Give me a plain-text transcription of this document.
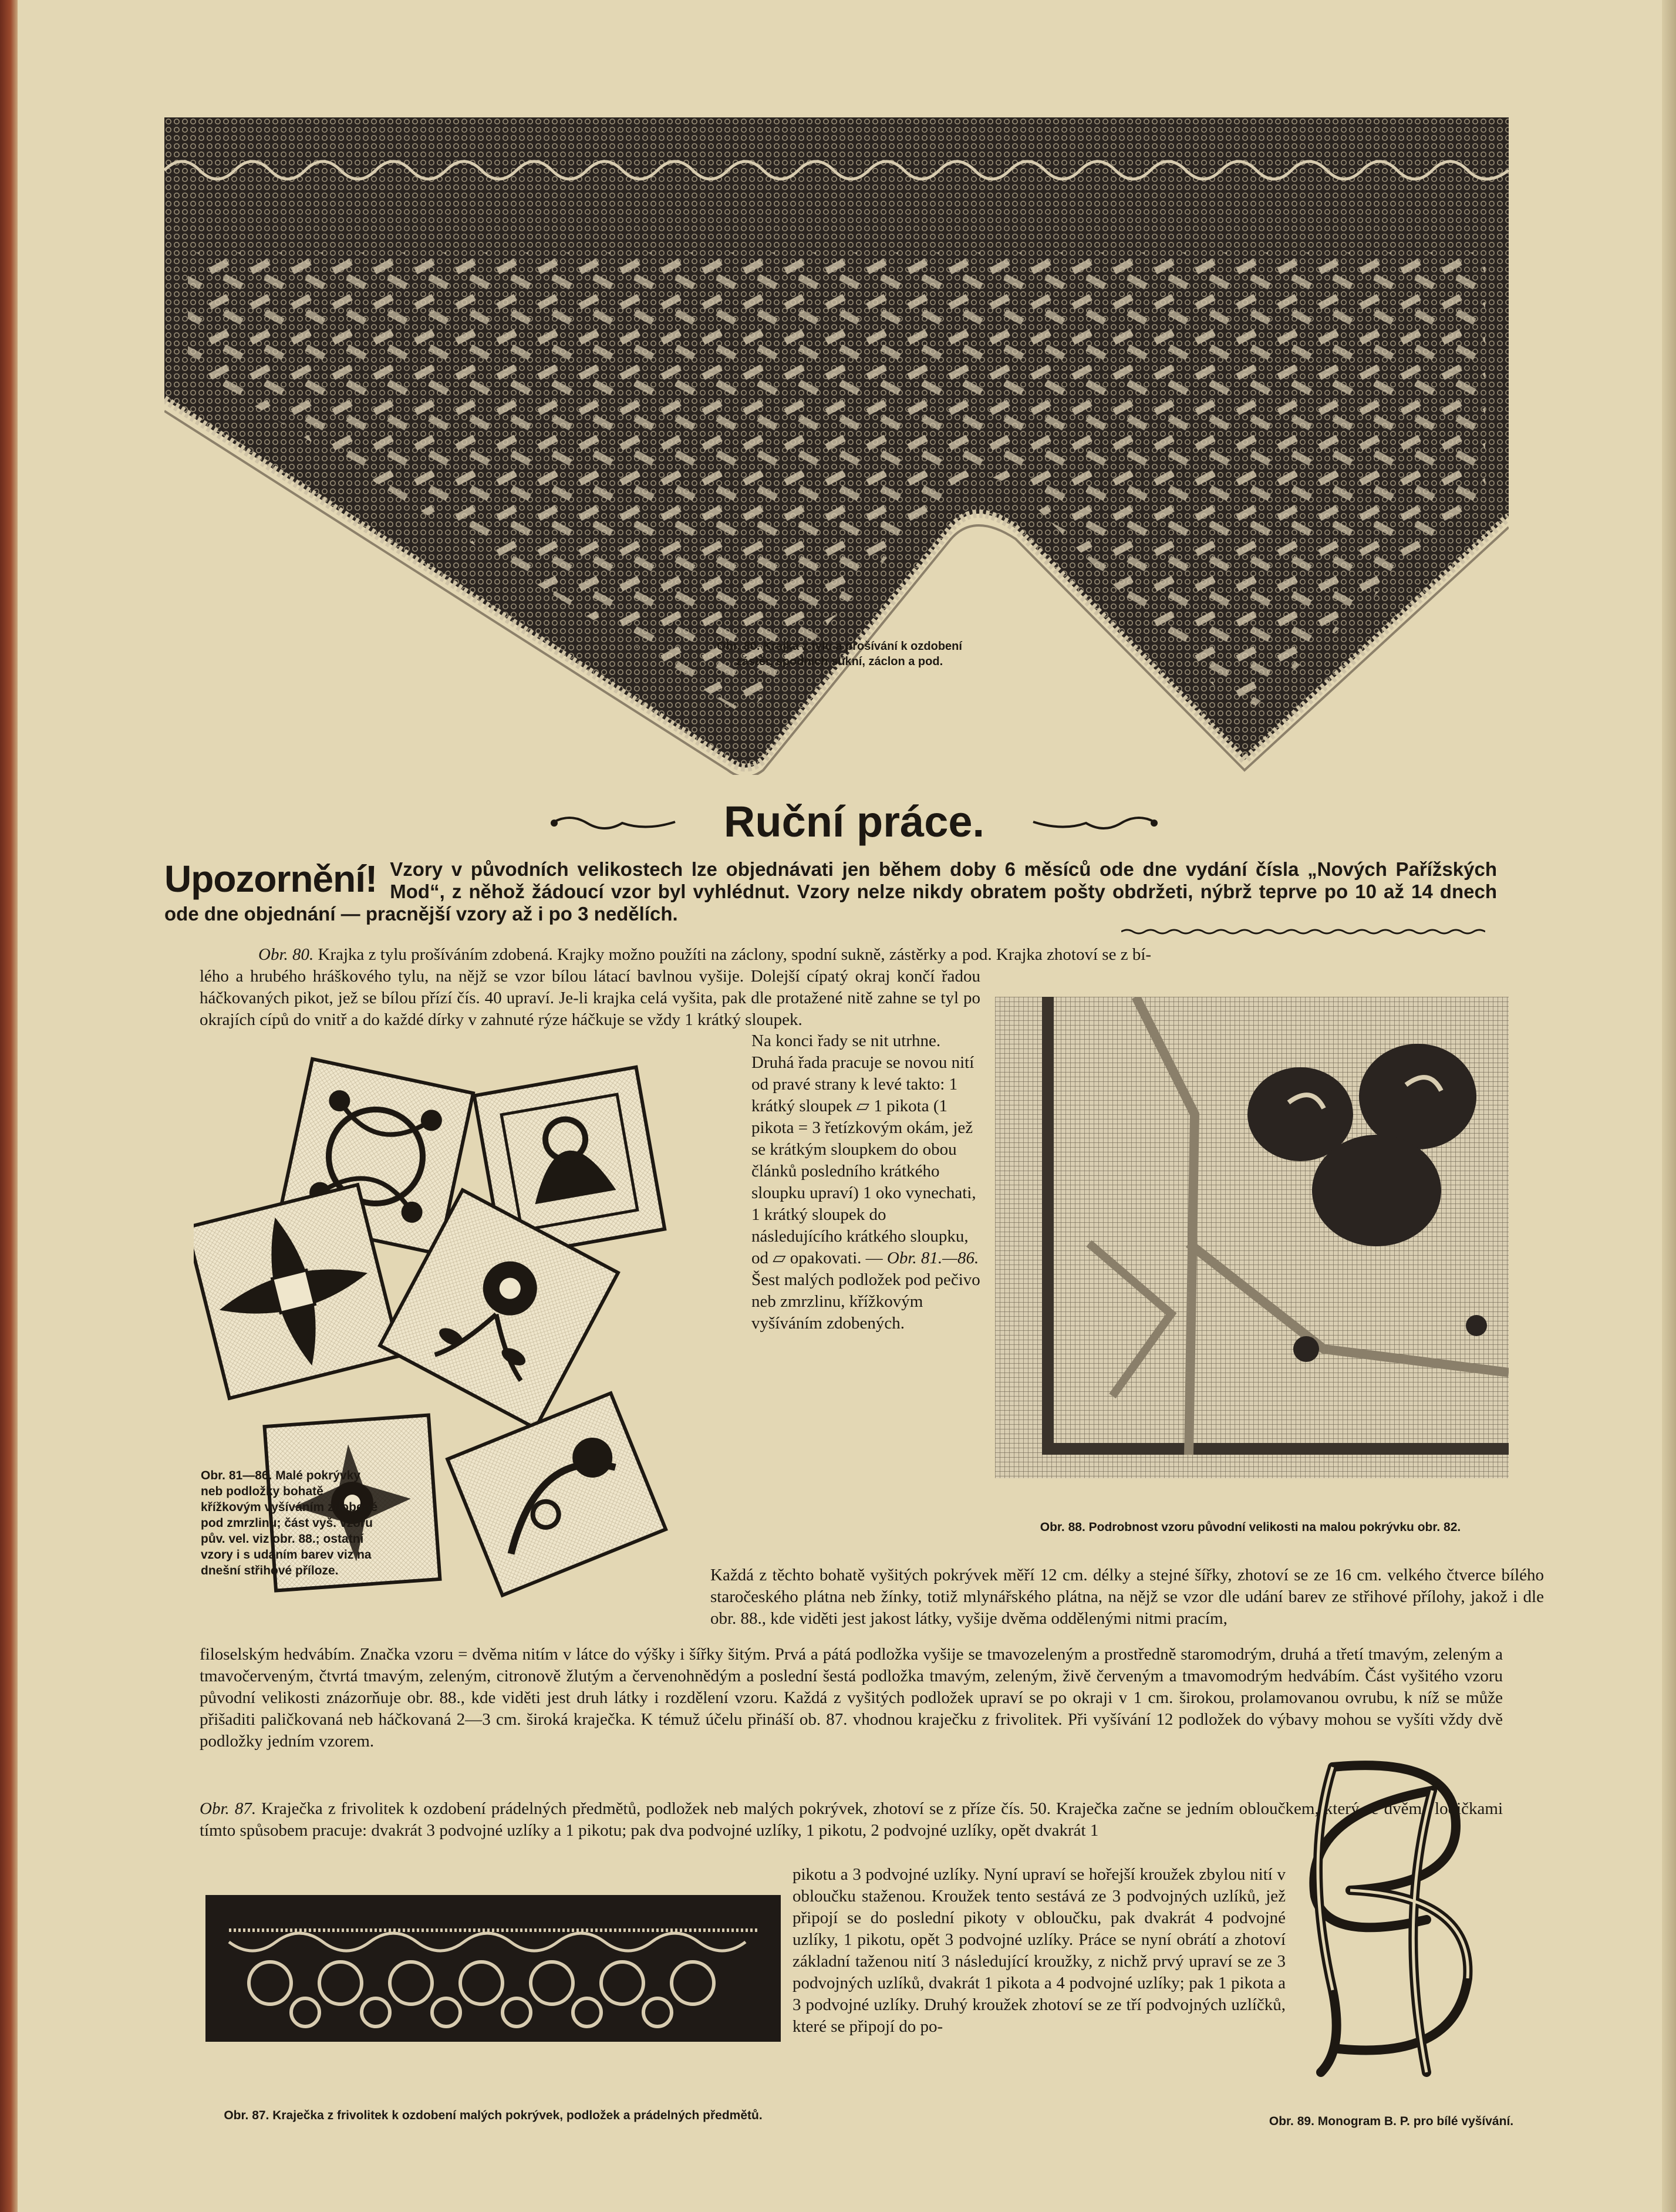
Obr. 80. Krajka z tylu a prošívání k ozdobení zástěr, spodních sukní, záclon a pod.
Ruční práce.
Upozornění! Vzory v původních velikostech lze objednávati jen během doby 6 měsíců ode dne vydání čísla „Nových Pařížských Mod“, z něhož žádoucí vzor byl vyhlédnut. Vzory nelze nikdy obratem pošty obdržeti, nýbrž teprve po 10 až 14 dnech ode dne objednání — pracnější vzory až i po 3 nedělích.
Obr. 80. Krajka z tylu prošíváním zdobená. Krajky možno použíti na záclony, spodní sukně, zástěrky a pod. Krajka zhotoví se z bí-
lého a hrubého hráškového tylu, na nějž se vzor bílou látací bavlnou vyšije. Dolejší cípatý okraj končí řadou háčkovaných pikot, jež se bílou přízí čís. 40 upraví. Je-li krajka celá vyšita, pak dle protažené nitě zahne se tyl po okrajích cípů do vnitř a do každé dírky v zahnuté rýze háčkuje se vždy 1 krátký sloupek.
Obr. 81—86. Malé pokrývky neb podložky bohatě křížkovým vyšíváním zdobené pod zmrzlinu; část vyš. vzoru pův. vel. viz obr. 88.; ostatní vzory i s udáním barev viz na dnešní střihové příloze.
Na konci řady se nit utrhne. Druhá řada pracuje se novou nití od pravé strany k levé takto: 1 krátký sloupek ▱ 1 pikota (1 pikota = 3 řetízkovým okám, jež se krátkým sloupkem do obou článků posledního krátkého sloupku upraví) 1 oko vynechati, 1 krátký sloupek do následujícího krátkého sloupku, od ▱ opakovati. — Obr. 81.—86. Šest malých podložek pod pečivo neb zmrzlinu, křížkovým vyšíváním zdobených.
Obr. 88. Podrobnost vzoru původní velikosti na malou pokrývku obr. 82.
Každá z těchto bohatě vyšitých pokrývek měří 12 cm. délky a stejné šířky, zhotoví se ze 16 cm. velkého čtverce bílého staročeského plátna neb žínky, totiž mlynářského plátna, na nějž se vzor dle udání barev ze střihové přílohy, jakož i dle obr. 88., kde viděti jest jakost látky, vyšije dvěma oddělenými nitmi pracím,
filoselským hedvábím. Značka vzoru = dvěma nitím v látce do výšky i šířky šitým. Prvá a pátá podložka vyšije se tmavozeleným a prostředně staromodrým, druhá a třetí tmavým, zeleným a tmavočerveným, čtvrtá tmavým, zeleným, citronově žlutým a červenohnědým a poslední šestá podložka tmavým, zeleným, živě červeným a tmavomodrým hedvábím. Část vyšitého vzoru původní velikosti znázorňuje obr. 88., kde viděti jest druh látky i rozdělení vzoru. Každá z vyšitých podložek upraví se po okraji v 1 cm. širokou, prolamovanou ovrubu, k níž se může přišaditi paličkovaná neb háčkovaná 2—3 cm. široká kraječka. K témuž účelu přináší ob. 87. vhodnou kraječku z frivolitek. Při vyšívání 12 podložek do výbavy mohou se vyšíti vždy dvě podložky jedním vzorem.
Obr. 87. Kraječka z frivolitek k ozdobení prádelných předmětů, podložek neb malých pokrývek, zhotoví se z příze čís. 50. Kraječka začne se jedním obloučkem, který se dvěma lodičkami tímto spůsobem pracuje: dvakrát 3 podvojné uzlíky a 1 pikotu; pak dva podvojné uzlíky, 1 pikotu, 2 podvojné uzlíky, opět dvakrát 1
Obr. 87. Kraječka z frivolitek k ozdobení malých pokrývek, podložek a prádelných předmětů.
pikotu a 3 podvojné uzlíky. Nyní upraví se hořejší kroužek zbylou nití v obloučku staženou. Kroužek tento sestává ze 3 podvojných uzlíků, jež připojí se do poslední pikoty v obloučku, pak dvakrát 4 podvojné uzlíky, 1 pikotu, opět 3 podvojné uzlíky. Práce se nyní obrátí a zhotoví základní taženou nití 3 následující kroužky, z nichž prvý upraví se ze 3 podvojných uzlíků, dvakrát 1 pikota a 4 podvojné uzlíky; pak 1 pikota a 3 podvojné uzlíky. Druhý kroužek zhotoví se ze tří podvojných uzlíčků, které se připojí do po-
Obr. 89. Monogram B. P. pro bílé vyšívání.
